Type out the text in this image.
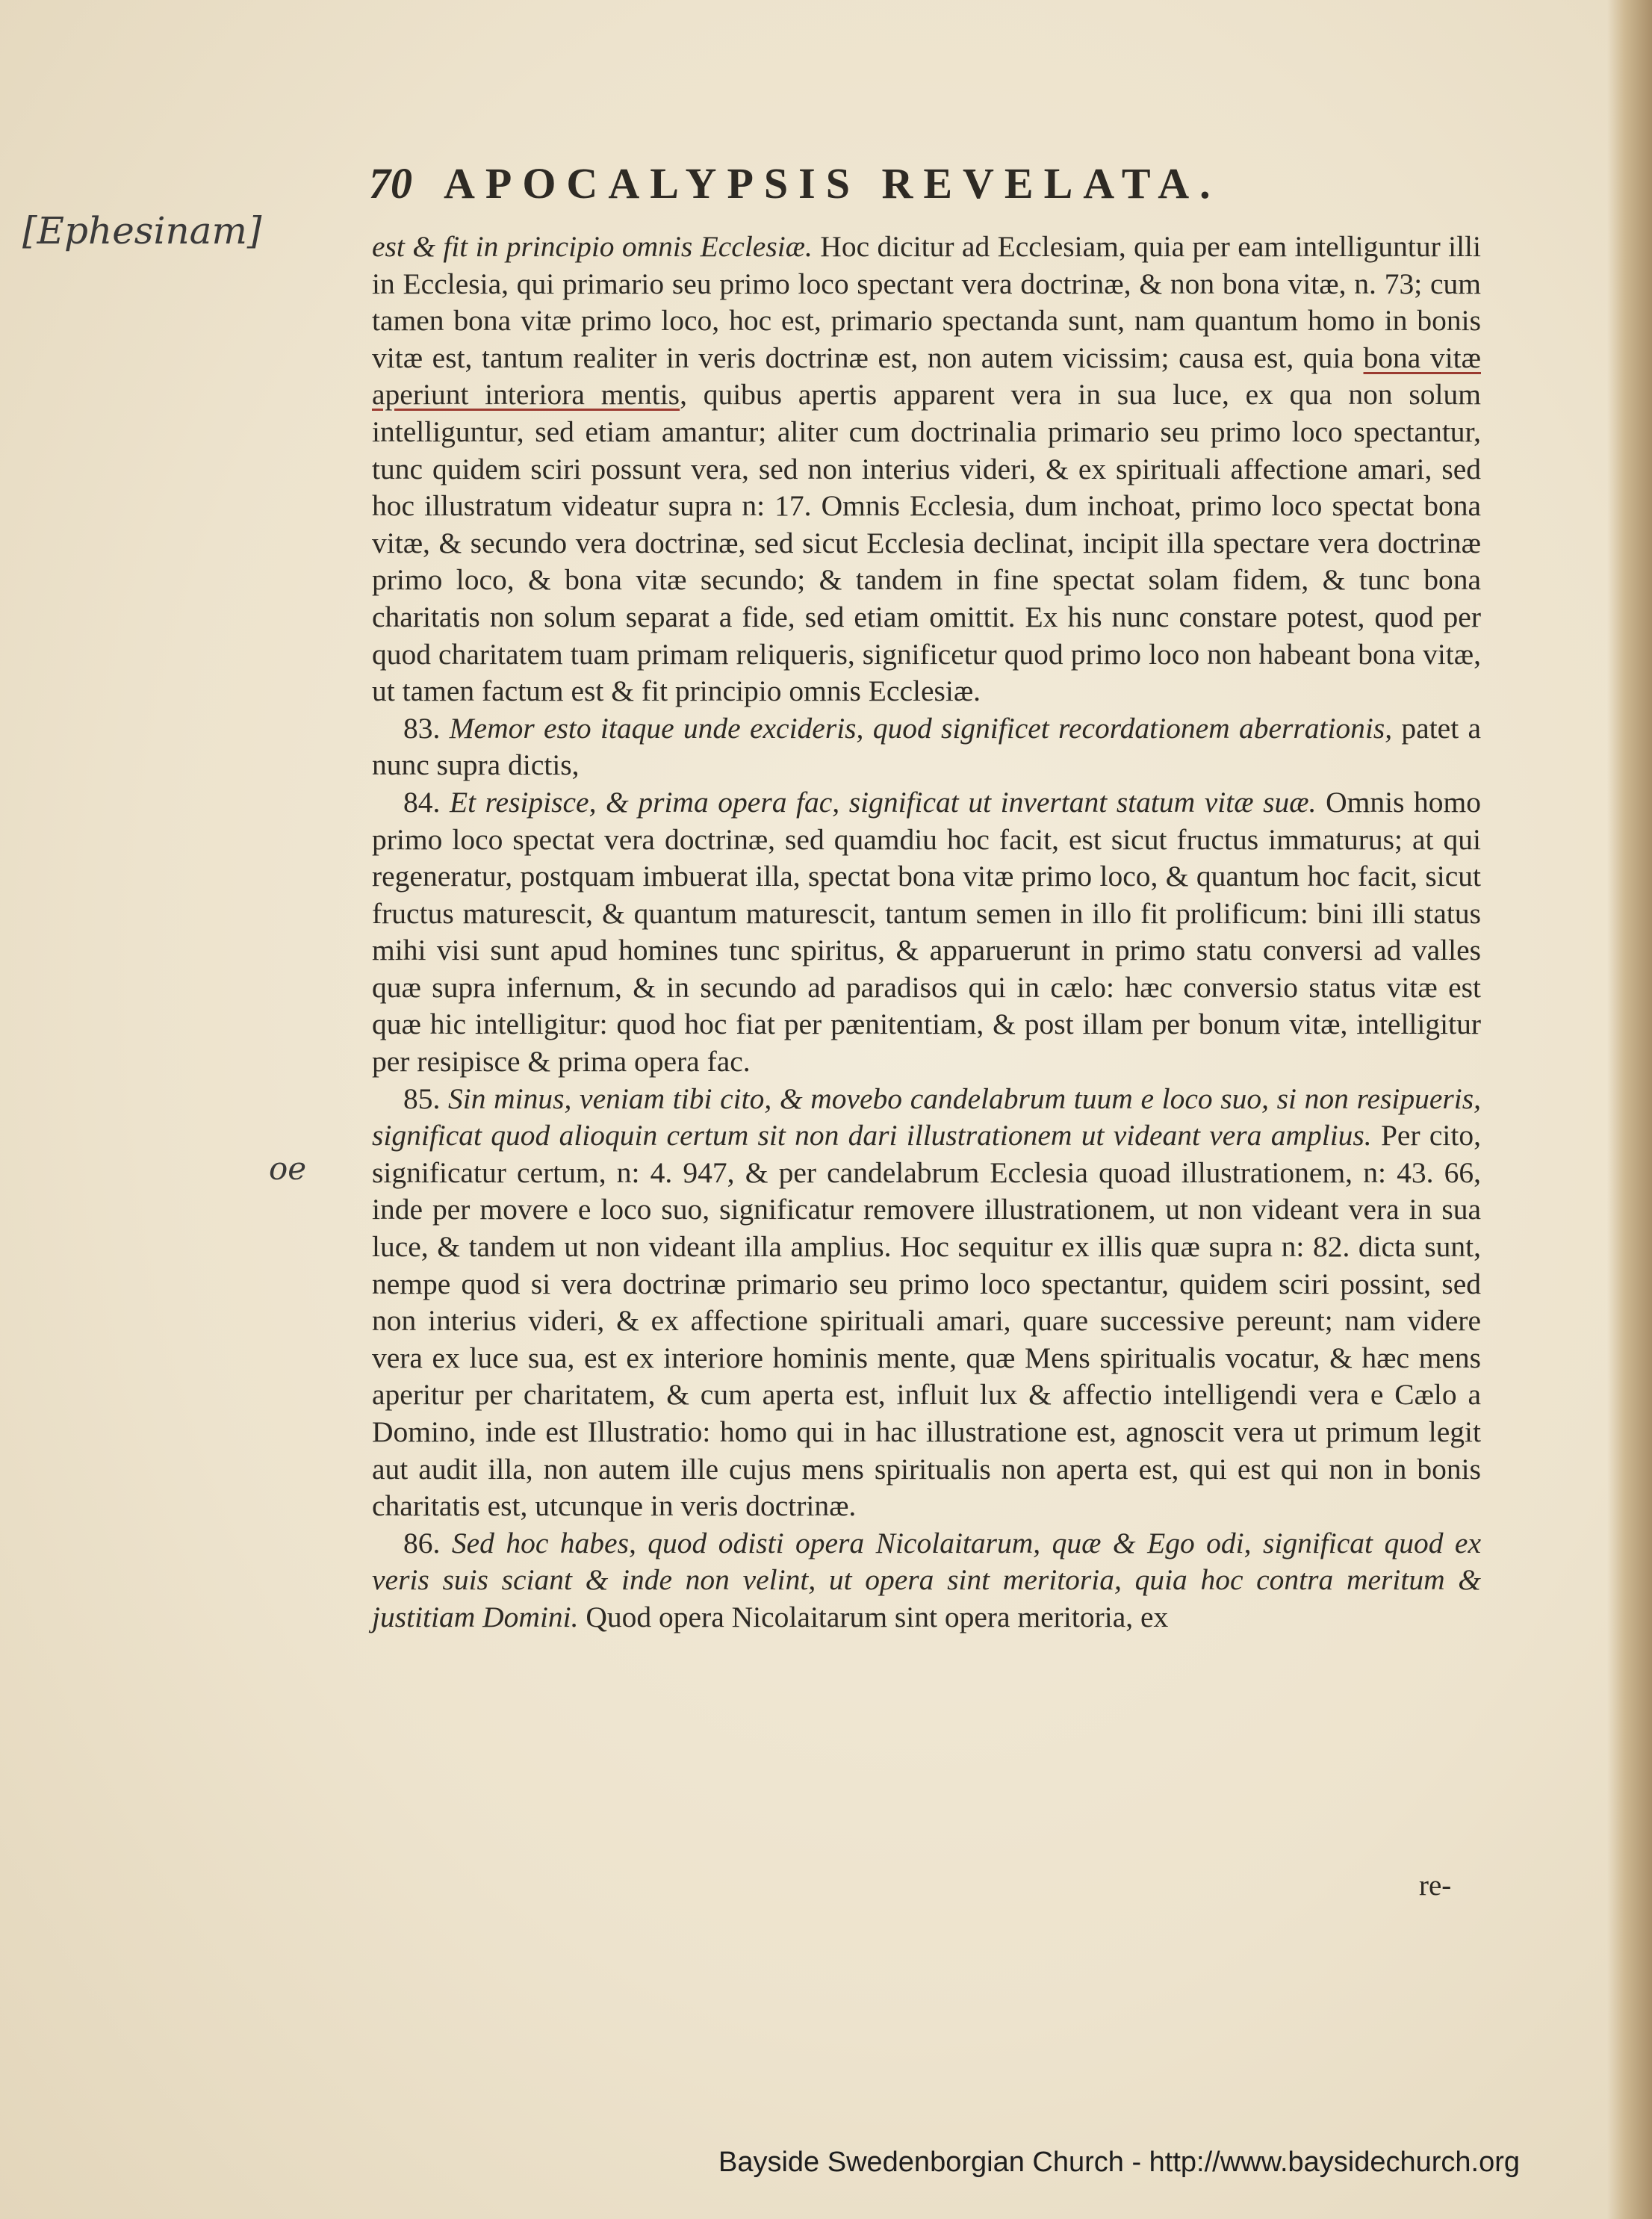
70 APOCALYPSIS REVELATA.
[Ephesinam]
oe

est & fit in principio omnis Ecclesiæ. Hoc dicitur ad Ecclesiam, quia per eam intelliguntur illi in Ecclesia, qui primario seu primo loco spectant vera doctrinæ, & non bona vitæ, n. 73; cum tamen bona vitæ primo loco, hoc est, primario spectanda sunt, nam quantum homo in bonis vitæ est, tantum realiter in veris doctrinæ est, non autem vicissim; causa est, quia bona vitæ aperiunt interiora mentis, quibus apertis apparent vera in sua luce, ex qua non solum intelliguntur, sed etiam amantur; aliter cum doctrinalia primario seu primo loco spectantur, tunc quidem sciri possunt vera, sed non interius videri, & ex spirituali affectione amari, sed hoc illustratum videatur supra n: 17. Omnis Ecclesia, dum inchoat, primo loco spectat bona vitæ, & secundo vera doctrinæ, sed sicut Ecclesia declinat, incipit illa spectare vera doctrinæ primo loco, & bona vitæ secundo; & tandem in fine spectat solam fidem, & tunc bona charitatis non solum separat a fide, sed etiam omittit. Ex his nunc constare potest, quod per quod charitatem tuam primam reliqueris, significetur quod primo loco non habeant bona vitæ, ut tamen factum est & fit principio omnis Ecclesiæ.

83. Memor esto itaque unde excideris, quod significet recordationem aberrationis, patet a nunc supra dictis,

84. Et resipisce, & prima opera fac, significat ut invertant statum vitæ suæ. Omnis homo primo loco spectat vera doctrinæ, sed quamdiu hoc facit, est sicut fructus immaturus; at qui regeneratur, postquam imbuerat illa, spectat bona vitæ primo loco, & quantum hoc facit, sicut fructus maturescit, & quantum maturescit, tantum semen in illo fit prolificum: bini illi status mihi visi sunt apud homines tunc spiritus, & apparuerunt in primo statu conversi ad valles quæ supra infernum, & in secundo ad paradisos qui in cælo: hæc conversio status vitæ est quæ hic intelligitur: quod hoc fiat per pænitentiam, & post illam per bonum vitæ, intelligitur per resipisce & prima opera fac.

85. Sin minus, veniam tibi cito, & movebo candelabrum tuum e loco suo, si non resipueris, significat quod alioquin certum sit non dari illustrationem ut videant vera amplius. Per cito, significatur certum, n: 4. 947, & per candelabrum Ecclesia quoad illustrationem, n: 43. 66, inde per movere e loco suo, significatur removere illustrationem, ut non videant vera in sua luce, & tandem ut non videant illa amplius. Hoc sequitur ex illis quæ supra n: 82. dicta sunt, nempe quod si vera doctrinæ primario seu primo loco spectantur, quidem sciri possint, sed non interius videri, & ex affectione spirituali amari, quare successive pereunt; nam videre vera ex luce sua, est ex interiore hominis mente, quæ Mens spiritualis vocatur, & hæc mens aperitur per charitatem, & cum aperta est, influit lux & affectio intelligendi vera e Cælo a Domino, inde est Illustratio: homo qui in hac illustratione est, agnoscit vera ut primum legit aut audit illa, non autem ille cujus mens spiritualis non aperta est, qui est qui non in bonis charitatis est, utcunque in veris doctrinæ.

86. Sed hoc habes, quod odisti opera Nicolaitarum, quæ & Ego odi, significat quod ex veris suis sciant & inde non velint, ut opera sint meritoria, quia hoc contra meritum & justitiam Domini. Quod opera Nicolaitarum sint opera meritoria, ex

re-
Bayside Swedenborgian Church - http://www.baysidechurch.org
